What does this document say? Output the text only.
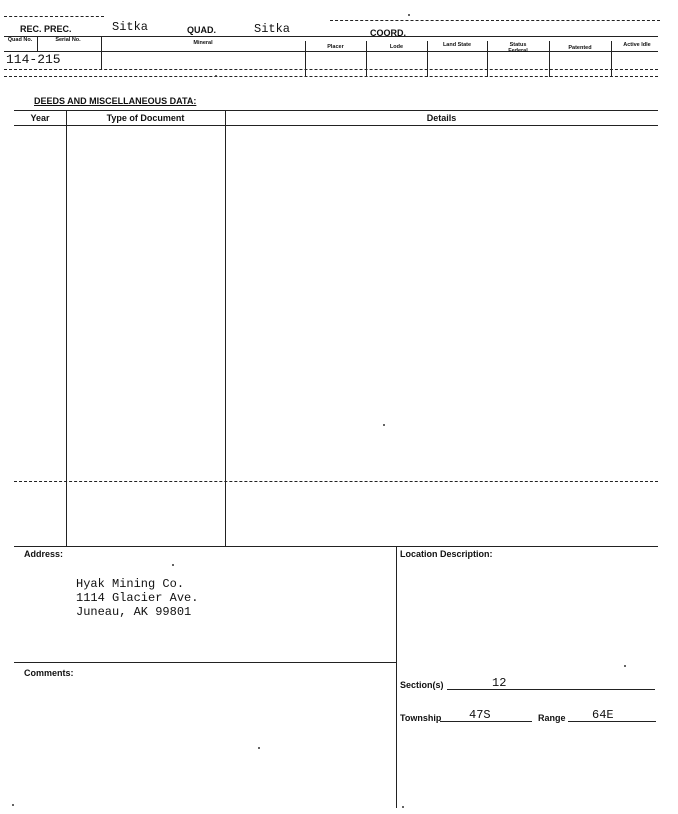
REC. PREC.	Sitka	QUAD.	Sitka	COORD.
Quad No.	Serial No.	Mineral
Placer	Lode	Land State	Status Federal	Patented	Active Idle
114-215
DEEDS AND MISCELLANEOUS DATA:
Year	Type of Document	Details
Address:
Hyak Mining Co.
1114 Glacier Ave.
Juneau, AK 99801
Comments:
Location Description:
Section(s)	12
Township 47S	Range 64E
